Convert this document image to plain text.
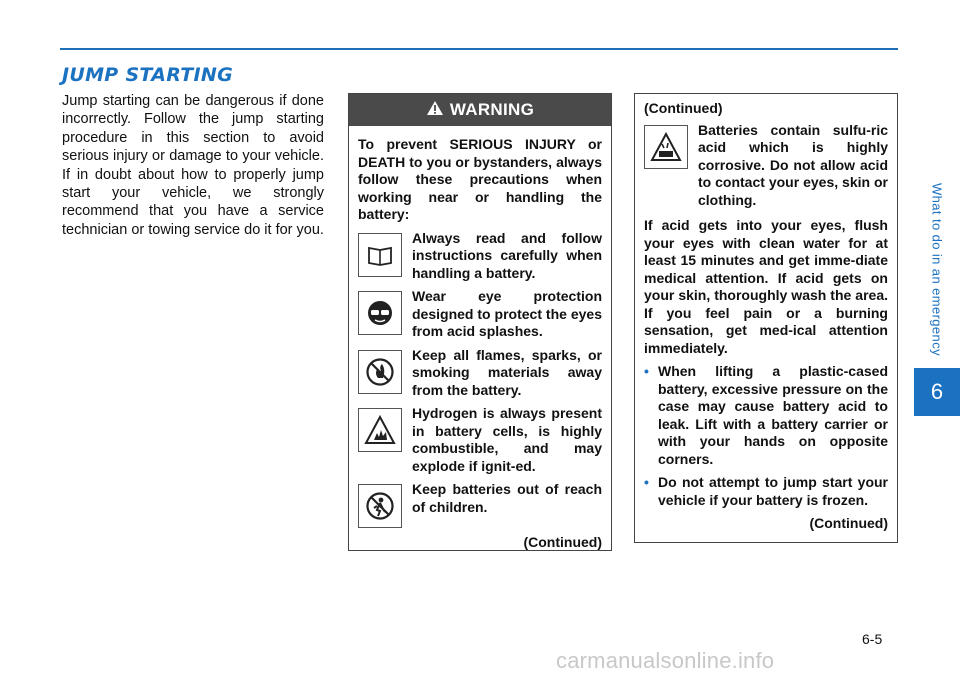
JUMP STARTING
Jump starting can be dangerous if done incorrectly. Follow the jump starting procedure in this section to avoid serious injury or damage to your vehicle. If in doubt about how to properly jump start your vehicle, we strongly recommend that you have a service technician or towing service do it for you.
WARNING

To prevent SERIOUS INJURY or DEATH to you or bystanders, always follow these precautions when working near or handling the battery:

Always read and follow instructions carefully when handling a battery.
Wear eye protection designed to protect the eyes from acid splashes.
Keep all flames, sparks, or smoking materials away from the battery.
Hydrogen is always present in battery cells, is highly combustible, and may explode if ignit-ed.
Keep batteries out of reach of children.
(Continued)

(Continued)

Batteries contain sulfu-ric acid which is highly corrosive. Do not allow acid to contact your eyes, skin or clothing.

If acid gets into your eyes, flush your eyes with clean water for at least 15 minutes and get imme-diate medical attention. If acid gets on your skin, thoroughly wash the area. If you feel pain or a burning sensation, get med-ical attention immediately.

• When lifting a plastic-cased battery, excessive pressure on the case may cause battery acid to leak. Lift with a battery carrier or with your hands on opposite corners.
• Do not attempt to jump start your vehicle if your battery is frozen.
(Continued)
What to do in an emergency
6
6-5
carmanualsonline.info
